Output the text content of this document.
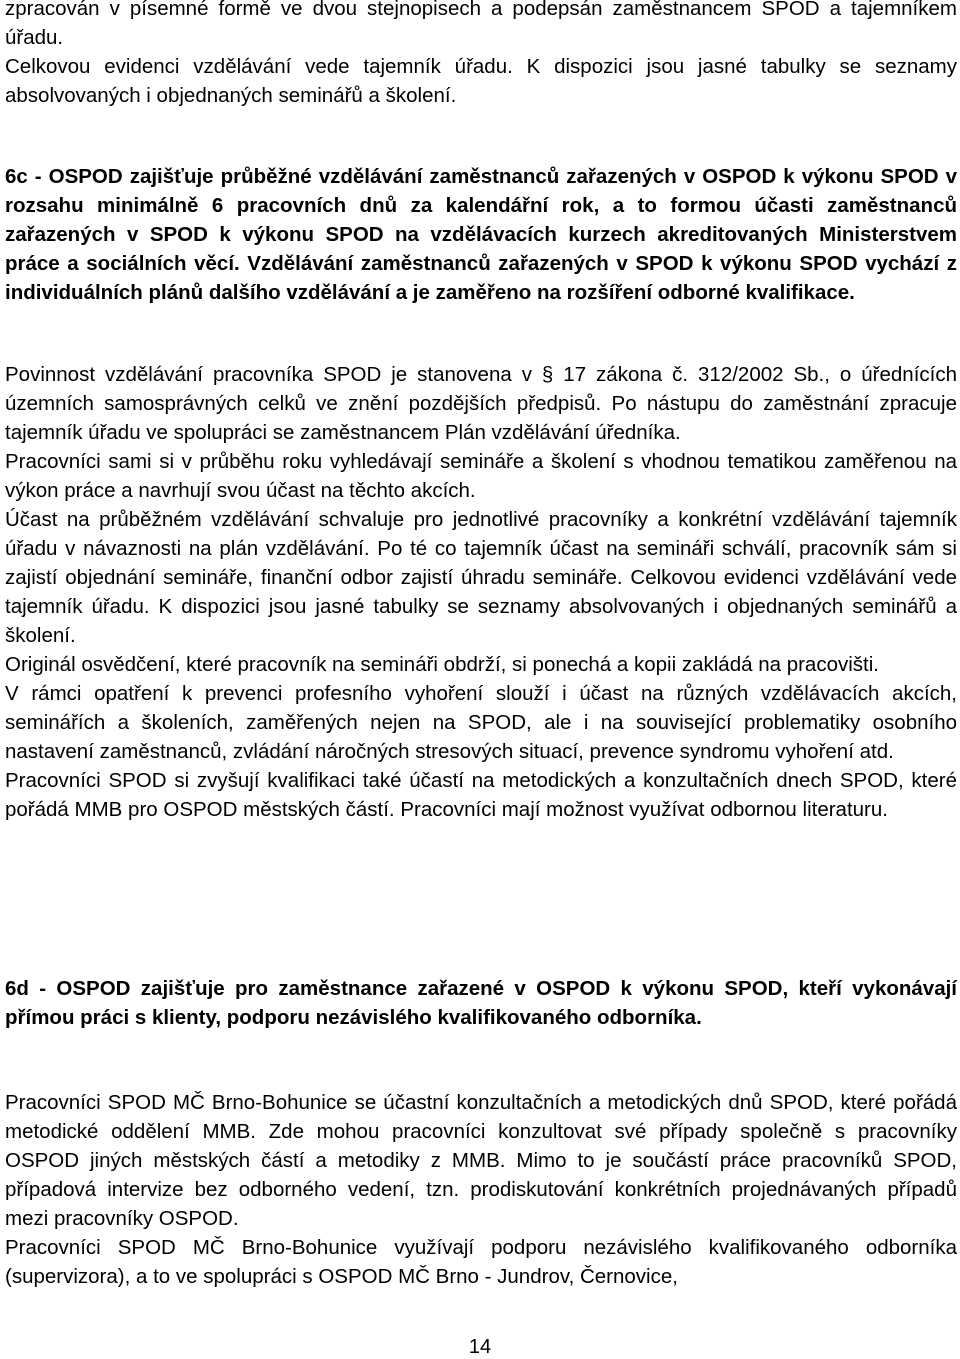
zpracován v písemné formě ve dvou stejnopisech a podepsán zaměstnancem SPOD a tajemníkem úřadu.

Celkovou evidenci vzdělávání vede tajemník úřadu. K dispozici jsou jasné tabulky se seznamy absolvovaných i objednaných seminářů a školení.

6c - OSPOD zajišťuje průběžné vzdělávání zaměstnanců zařazených v OSPOD k výkonu SPOD v rozsahu minimálně 6 pracovních dnů za kalendářní rok, a to formou účasti zaměstnanců zařazených v SPOD k výkonu SPOD na vzdělávacích kurzech akreditovaných Ministerstvem práce a sociálních věcí. Vzdělávání zaměstnanců zařazených v SPOD k výkonu SPOD vychází z individuálních plánů dalšího vzdělávání a je zaměřeno na rozšíření odborné kvalifikace.

Povinnost vzdělávání pracovníka SPOD je stanovena v § 17 zákona č. 312/2002 Sb., o úřednících územních samosprávných celků ve znění pozdějších předpisů. Po nástupu do zaměstnání zpracuje tajemník úřadu ve spolupráci se zaměstnancem Plán vzdělávání úředníka.

Pracovníci sami si v průběhu roku vyhledávají semináře a školení s vhodnou tematikou zaměřenou na výkon práce a navrhují svou účast na těchto akcích.

Účast na průběžném vzdělávání schvaluje pro jednotlivé pracovníky a konkrétní vzdělávání tajemník úřadu v návaznosti na plán vzdělávání. Po té co tajemník účast na semináři schválí, pracovník sám si zajistí objednání semináře, finanční odbor zajistí úhradu semináře. Celkovou evidenci vzdělávání vede tajemník úřadu. K dispozici jsou jasné tabulky se seznamy absolvovaných i objednaných seminářů a školení.

Originál osvědčení, které pracovník na semináři obdrží, si ponechá a kopii zakládá na pracovišti.

V rámci opatření k prevenci profesního vyhoření slouží i účast na různých vzdělávacích akcích, seminářích a školeních, zaměřených nejen na SPOD, ale i na související problematiky osobního nastavení zaměstnanců, zvládání náročných stresových situací, prevence syndromu vyhoření atd.

Pracovníci SPOD si zvyšují kvalifikaci také účastí na metodických a konzultačních dnech SPOD, které pořádá MMB pro OSPOD městských částí. Pracovníci mají možnost využívat odbornou literaturu.

6d - OSPOD zajišťuje pro zaměstnance zařazené v OSPOD k výkonu SPOD, kteří vykonávají přímou práci s klienty, podporu nezávislého kvalifikovaného odborníka.

Pracovníci SPOD MČ Brno-Bohunice se účastní konzultačních a metodických dnů SPOD, které pořádá metodické oddělení MMB. Zde mohou pracovníci konzultovat své případy společně s pracovníky OSPOD jiných městských částí a metodiky z MMB. Mimo to je součástí práce pracovníků SPOD, případová intervize bez odborného vedení, tzn. prodiskutování konkrétních projednávaných případů mezi pracovníky OSPOD.

Pracovníci SPOD MČ Brno-Bohunice využívají podporu nezávislého kvalifikovaného odborníka (supervizora), a to ve spolupráci s OSPOD MČ Brno - Jundrov, Černovice,

14
